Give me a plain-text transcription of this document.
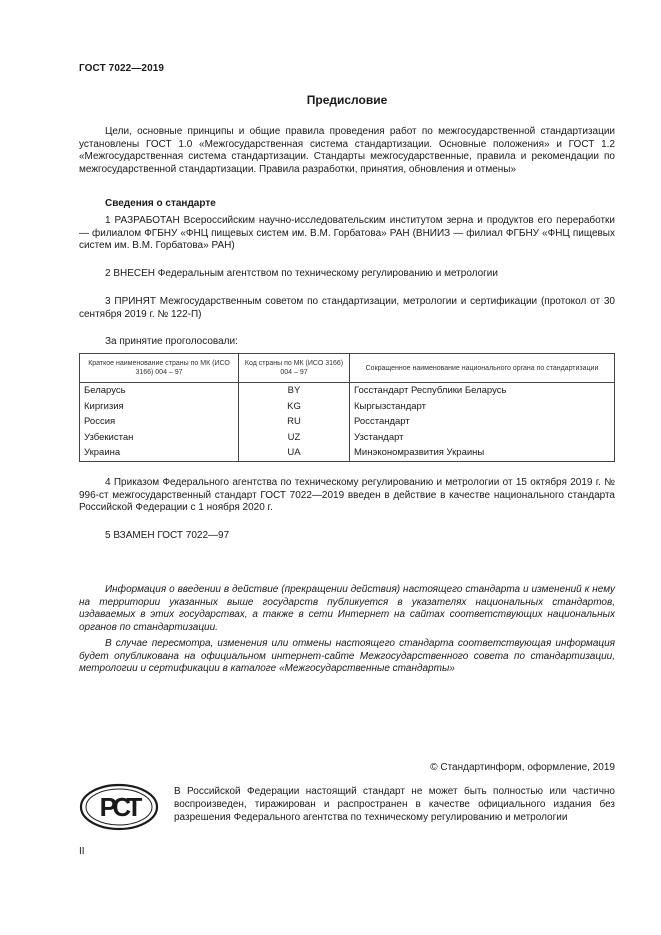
ГОСТ 7022—2019
Предисловие

Цели, основные принципы и общие правила проведения работ по межгосударственной стандартизации установлены ГОСТ 1.0 «Межгосударственная система стандартизации. Основные положения» и ГОСТ 1.2 «Межгосударственная система стандартизации. Стандарты межгосударственные, правила и рекомендации по межгосударственной стандартизации. Правила разработки, принятия, обновления и отмены»

Сведения о стандарте

1 РАЗРАБОТАН Всероссийским научно-исследовательским институтом зерна и продуктов его переработки — филиалом ФГБНУ «ФНЦ пищевых систем им. В.М. Горбатова» РАН (ВНИИЗ — филиал ФГБНУ «ФНЦ пищевых систем им. В.М. Горбатова» РАН)

2 ВНЕСЕН Федеральным агентством по техническому регулированию и метрологии

3 ПРИНЯТ Межгосударственным советом по стандартизации, метрологии и сертификации (протокол от 30 сентября 2019 г. № 122-П)

За принятие проголосовали:
Краткое наименование страны по МК (ИСО 3166) 004 – 97	Код страны по МК (ИСО 3166) 004 – 97	Сокращенное наименование национального органа по стандартизации
Беларусь	BY	Госстандарт Республики Беларусь
Киргизия	KG	Кыргызстандарт
Россия	RU	Росстандарт
Узбекистан	UZ	Узстандарт
Украина	UA	Минэкономразвития Украины

4 Приказом Федерального агентства по техническому регулированию и метрологии от 15 октября 2019 г. № 996-ст межгосударственный стандарт ГОСТ 7022—2019 введен в действие в качестве национального стандарта Российской Федерации с 1 ноября 2020 г.

5 ВЗАМЕН ГОСТ 7022—97

Информация о введении в действие (прекращении действия) настоящего стандарта и изменений к нему на территории указанных выше государств публикуется в указателях национальных стандартов, издаваемых в этих государствах, а также в сети Интернет на сайтах соответствующих национальных органов по стандартизации.

В случае пересмотра, изменения или отмены настоящего стандарта соответствующая информация будет опубликована на официальном интернет-сайте Межгосударственного совета по стандартизации, метрологии и сертификации в каталоге «Межгосударственные стандарты»

© Стандартинформ, оформление, 2019
РСТ

В Российской Федерации настоящий стандарт не может быть полностью или частично воспроизведен, тиражирован и распространен в качестве официального издания без разрешения Федерального агентства по техническому регулированию и метрологии

II
